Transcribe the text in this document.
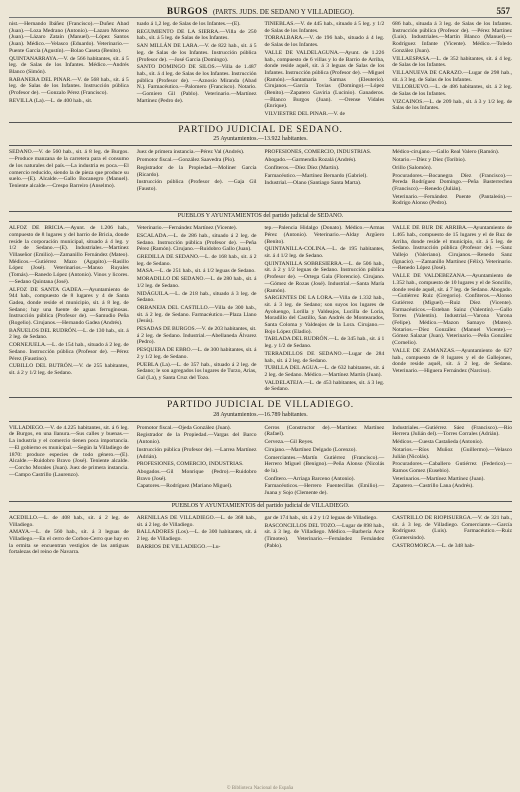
BURGOS (PARTS. JUDS. DE SEDANO Y VILLADIEGO).	557

nist.—Hernando Ibáñez (Francisco).—Duñez Abad (Juan).—Loza Medrano (Antonio).—Lazaro Moreno (Juan).—Lázaro Zataín (Manuel).—López Santos (Juan). Médico.—Velasco (Eduardo). Veterinario.—Puente García (Agustín).—Bolao Caseta (Benito).

QUINTANARRAYA.—V. de 566 habitantes, sit. á 5 leg. de Salas de los Infantes. Médico.—Andrés Blanco (Simón).

RABANERA DEL PINAR.—V. de 568 hab., sit. á 5 leg. de Salas de los Infantes. Instrucción pública (Profesor de). —Gonzalo Pérez (Francisco).

REVILLA (La).—L. de 400 hab., sit.

tuado á 1,2 leg. de Salas de los Infantes.—(E).

REGUMIENTO DE LA SIERRA.—Villa de 250 hab., sit. á 5 leg. de Salas de los Infantes.

SAN MILLÁN DE LARA.—V. de 822 hab., sit. á 5 leg. de Salas de los Infantes. Instrucción pública (Profesor de). —José Garcia (Domingo).

SANTO DOMINGO DE SILOS.—Villa de 1.487 hab., sit. á 4 leg. de Salas de los Infantes. Instrucción pública (Profesor de). —Aznosio Miranda (Abad N.). Farmacéutico.—Palomero (Francisco). Notario.—Gomiero Gil (Pablo). Veterinario.—Martínez Martínez (Pedro de).

TINIEBLAS.—V. de 445 hab., situado á 5 leg. y 1/2 de Salas de los Infantes.

TORRALBARA.—V. de 196 hab., situado á 4 leg. de Salas de los Infantes.

VALLE DE VALDELAGUNA.—Ayunt. de 1.226 hab., compuesto de 6 villas y lo de Barrio de Arriba, donde reside aquél, sit. á 3 leguas de Salas de los Infantes. Instrucción pública (Profesor de). —Miguel (Ramón).—Santamaría Sarmas (Eleuterio). Cirujanos.—García Tovias (Domingo).—López (Benito).—Zapatero Gaviria (Lucinio). Ganaderos.—Blanco Burgos (Juan). —Orense Vidales (Enrique).

VILVIESTRE DEL PINAR.—V. de

686 hab., situada á 3 leg. de Salas de los Infantes. Instrucción pública (Profesor de). —Pérez Martínez (Luis). Industriales.—Martín Blanco (Manuel).—Rodríguez Infante (Vicente). Médico.—Toledo González (Juan).

VILLAESPASA.—L. de 352 habitantes, sit. á 4 leg. de Salas de los Infantes.

VILLANUEVA DE CARAZO.—Lugar de 298 hab., sit. á 3 leg. de Salas de los Infantes.

VILLORUEVO.—L. de 486 habitantes, sit. á 2 leg. de Salas de los Infantes.

VIZCAINOS.—L. de 209 hab., sit. á 3 y 1/2 leg. de Salas de los Infantes.

PARTIDO JUDICIAL DE SEDANO.
25 Ayuntamientos.—13.922 habitantes.

SEDANO.—V. de 560 hab., sit. á 8 leg. de Burgos.—Produce manzana de la carretera para el consumo de los naturales del país.—La industria es poca.—El comercio reducido, siendo la de pieza que produce su suelo.—(E). Alcalde.—Gallo Bocanegro (Manuel). Teniente alcalde.—Crespo Barreiro (Anselmo).

Juez de primera instancia.—Pérez Val (Andrés).

Promotor fiscal.—González Saavedra (Pío).

Registrador de la Propiedad.—Moliner García (Ricardo).

Instrucción pública (Profesor de). —Gaja Gil (Fausto).

PROFESIONES, COMERCIO, INDUSTRIAS.

Abogado.—Garmendia Rozalá (Andrés).

Confiteros.—Díez Díez (Martín).

Farmacéutico.—Martínez Bernardo (Gabriel).

Industrial.—Olano (Santiago Santa Marta).

Médico-cirujano.—Gallo Real Valero (Ramón).

Notario.—Díez y Díez (Toribio).

Orillo (Salomón).

Procuradores.—Bocanegra Díez (Francisco).—Pereda Rodríguez Domingo.—Peña Basterrechea (Francisco).—Renedo (Julián).

Veterinario.—Fernández Puente (Pantaleón).—Rodrigo Alonso (Pedro).

PUEBLOS Y AYUNTAMIENTOS del partido judicial de SEDANO.

ALFOZ DE BRICIA.—Ayunt. de 1.206 hab., compuesto de 8 lugares y del barrio de Bricia, donde reside la corporación municipal, situado á 4 leg. y 1/2 de Sedano.—(E). Industriales.—Martínez Villaseñor (Emilio).—Zamanillo Fernández (Mateo). Médicos.—Gutiérrez Mazo (Agapito).—Rasillo López (José). Veterinarios.—Manso Ruyales (Tomás).—Ranedo López (Antonio). Vinos y licores.—Sedano Quintana (José).

ALFOZ DE SANTA GADEA.—Ayuntamiento de 944 hab., compuesto de 8 lugares y 4 de Santa Gadea, donde reside el municipio, sit. á 8 leg. de Sedano; hay una fuente de aguas ferruginosas. Instrucción pública (Profesor de). —Samudio Peña (Rogelio). Cirujanos.—Hernando Gadea (Andrés).

BAÑUELOS DEL RUDRÓN.—L. de 130 hab., sit. á 2 leg. de Sedano.

CORNEJUELA.—L. de 154 hab., situado á 2 leg. de Sedano. Instrucción pública (Profesor de). —Pérez Pérez (Faustino).

CUBILLO DEL BUTRÓN.—V. de 255 habitantes, sit. á 2 y 1/2 leg. de Sedano.

Veterinario.—Fernández Martínez (Vicente).

ESCALADA.—L. de 286 hab., situado á 2 leg. de Sedano. Instrucción pública (Profesor de). —Peña Pérez (Ramón). Cirujano.—Ruidobro Gallo (Juan).

GREDILLA DE SEDANO.—L. de 168 hab., sit. á 2 leg. de Sedano.

MASA.—L. de 251 hab., sit. á 1/2 leguas de Sedano.

MORADILLO DE SEDANO.—L. de 280 hab., sit. á 1/2 leg. de Sedano.

NIDÁGUILA.—L. de 218 hab., situado á 3 leg. de Sedano.

ORBANEJA DEL CASTILLO.—Villa de 300 hab., sit. á 2 leg. de Sedano. Farmacéutico.—Plaza Llano (Jesús).

PESADAS DE BURGOS.—V. de 203 habitantes, sit. á 2 leg. de Sedano. Industrial.—Abellaneda Álvarez (Pedro).

PESQUERA DE EBRO.—L. de 300 habitantes, sit. á 2 y 1/2 leg. de Sedano.

PUEBLA (La).—L. de 357 hab., situado á 2 leg. de Sedano; le son agregados los lugares de Turzo, Arias, Gal (La), y Santa Cruz del Tozo.

tep.—Palencia Hidalgo (Donato). Médico.—Armas Pérez (Antonio). Veterinario.—Alday Argüero (Benito).

QUINTANILLA-COLINA.—L. de 195 habitantes, sit. á 4 1/2 leg. de Sedano.

QUINTANILLA SOBRESIERRA.—L. de 506 hab., sit. á 2 y 1/2 leguas de Sedano. Instrucción pública (Profesor de). —Ortega Gala (Florencio). Cirujano.—Gómez de Rozas (José). Industrial.—Santa María (Ramón).

SARGENTES DE LA LORA.—Villa de 1.332 hab., sit. á 3 leg. de Sedano; son suyos los lugares de Ayoluengo, Lorilla y Valdeajos, Lucilla de Loria, Moradillo del Castillo, San Andrés de Montearados, Santa Coloma y Valdeajos de la Lora. Cirujano.—Bojo López (Eladio).

TABLADA DEL RUDRÓN.—L. de 345 hab., sit. á 1 leg. y 1/2 de Sedano.

TERRADILLOS DE SEDANO.—Lugar de 284 hab., sit. á 2 leg. de Sedano.

TUBILLA DEL AGUA.—L. de 632 habitantes, sit. á 2 leg. de Sedano. Médico.—Martínez Martín (Juan).

VALDELATEJA.—L. de 453 habitantes, sit. á 3 leg. de Sedano.

VALLE DE BUR DE ARRIBA.—Ayuntamiento de 1.465 hab., compuesto de 15 lugares y el de Ruz de Arriba, donde reside el municipio, sit. á 5 leg. de Sedano. Instrucción pública (Profesor de). —Sanz Vallejo (Valeriano). Cirujanos.—Renedo Sanz (Ignacio). —Zamanillo Martínez (Félix). Veterinario.—Renedo López (José).

VALLE DE VALDEBEZANA.—Ayuntamiento de 1.352 hab., compuesto de 10 lugares y el de Soncillo, donde reside aquél, sit. á 7 leg. de Sedano. Abogado.—Gutiérrez Ruiz (Gregorio). Confiteros.—Alonso Gutiérrez (Miguel).—Ruiz Díez (Vicente). Farmacéuticos.—Esteban Sainz (Valentín).—Gallo Torres (Valentín). Industrial.—Varona Varona (Felipe). Médico.—Mazon Samayo (Mateo). Notarios.—Díez González (Manuel Vicente).—Gómez Salazar (Juan). Veterinario.—Peña González (Cornelio).

VALLE DE ZAMANZAS.—Ayuntamiento de 627 hab., compuesto de 8 lugares y el de Gallejones, donde reside aquél, sit. á 2 leg. de Sedano. Veterinario.—Higuera Fernández (Narciso).

PARTIDO JUDICIAL DE VILLADIEGO.
28 Ayuntamientos.—16.789 habitantes.

VILLADIEGO.—V. de 4.225 habitantes, sit. á 6 leg. de Burgos, en una llanura.—Sus calles y buenas.—La industria y el comercio tienen poca importancia.—El gobierno es municipal.—Según la Villadiego de 1870: produce especies de todo género.—(E). Alcalde.—Ruidobro Bravo (José). Teniente alcalde.—Corcho Morales (Juan). Juez de primera instancia.—Campo Castrillo (Laurenzo).

Promotor fiscal.—Ojeda González (Juan).

Registrador de la Propiedad.—Vargas del Barco (Antonio).

Instrucción pública (Profesor de). —Larrea Martínez (Adrián).

PROFESIONES, COMERCIO, INDUSTRIAS.

Abogados.—Gil Monrique (Pedro).—Ruidobro Bravo (José).

Capatores.—Rodríguez (Mariano Miguel).

Cerros (Constructor de).—Martínez Martínez (Rafael).

Cerveza.—Gil Reyes.

Cirujano.—Martínez Delgado (Lorenzo).

Comerciantes.—Martín Gutiérrez (Francisco).—Herrero Miguel (Benigno).—Peña Alonso (Nicolás de la).

Confitero.—Arriaga Barceno (Antonio).

Farmacéuticos.—Herrero Fuentecillas (Emilio).—Juana y Sojo (Clemente de).

Industriales.—Gutiérrez Sáez (Francisco).—Rio Herrera (Julián del).—Torres Corrales (Adrián).

Médicos.—Cuesta Castañeda (Antonio).

Notarios.—Ríos Muñoz (Guillermo).—Velasco Julián (Nicolás).

Procuradores.—Caballero Gutiérrez (Federico).—Ramos Gomez (Eusebio).

Veterinarios.—Martínez Martínez (Juan).

Zapatero.—Castrillo Lana (Andrés).

PUEBLOS Y AYUNTAMIENTOS del partido judicial de VILLADIEGO.

ACEDILLO.—L. de 408 hab., sit. á 2 leg. de Villadiego.

AMAYA.—L. de 560 hab., sit. á 3 leguas de Villadiego.—En el cerro de Corbos-Cerro que hay en la ermita se encuentran vestigios de las antiguas fortalezas del reino de Navarra.

ARENILLAS DE VILLADIEGO.—L. de 368 hab., sit. á 2 leg. de Villadiego.

BALLADORES (Los).—L. de 300 habitantes, sit. á 2 leg. de Villadiego.

BARRIOS DE VILLADIEGO.—Lu-

gar de 174 hab., sit. á 2 y 1/2 leguas de Villadiego.

BASCONCILLOS DEL TOZO.—Lugar de 898 hab., sit. á 3 leg. de Villadiego. Médico.—Barbería Arce (Timoteo). Veterinario.—Fernández Fernández (Pablo).

CASTRILLO DE RIOPISUERGA.—V. de 321 hab., sit. á 3 leg. de Villadiego. Comerciante.—García Rodríguez (Luis). Farmacéutico.—Ruiz (Gumersindo).

CASTROMORCA.—L. de 348 hab-

© Biblioteca Nacional de España
